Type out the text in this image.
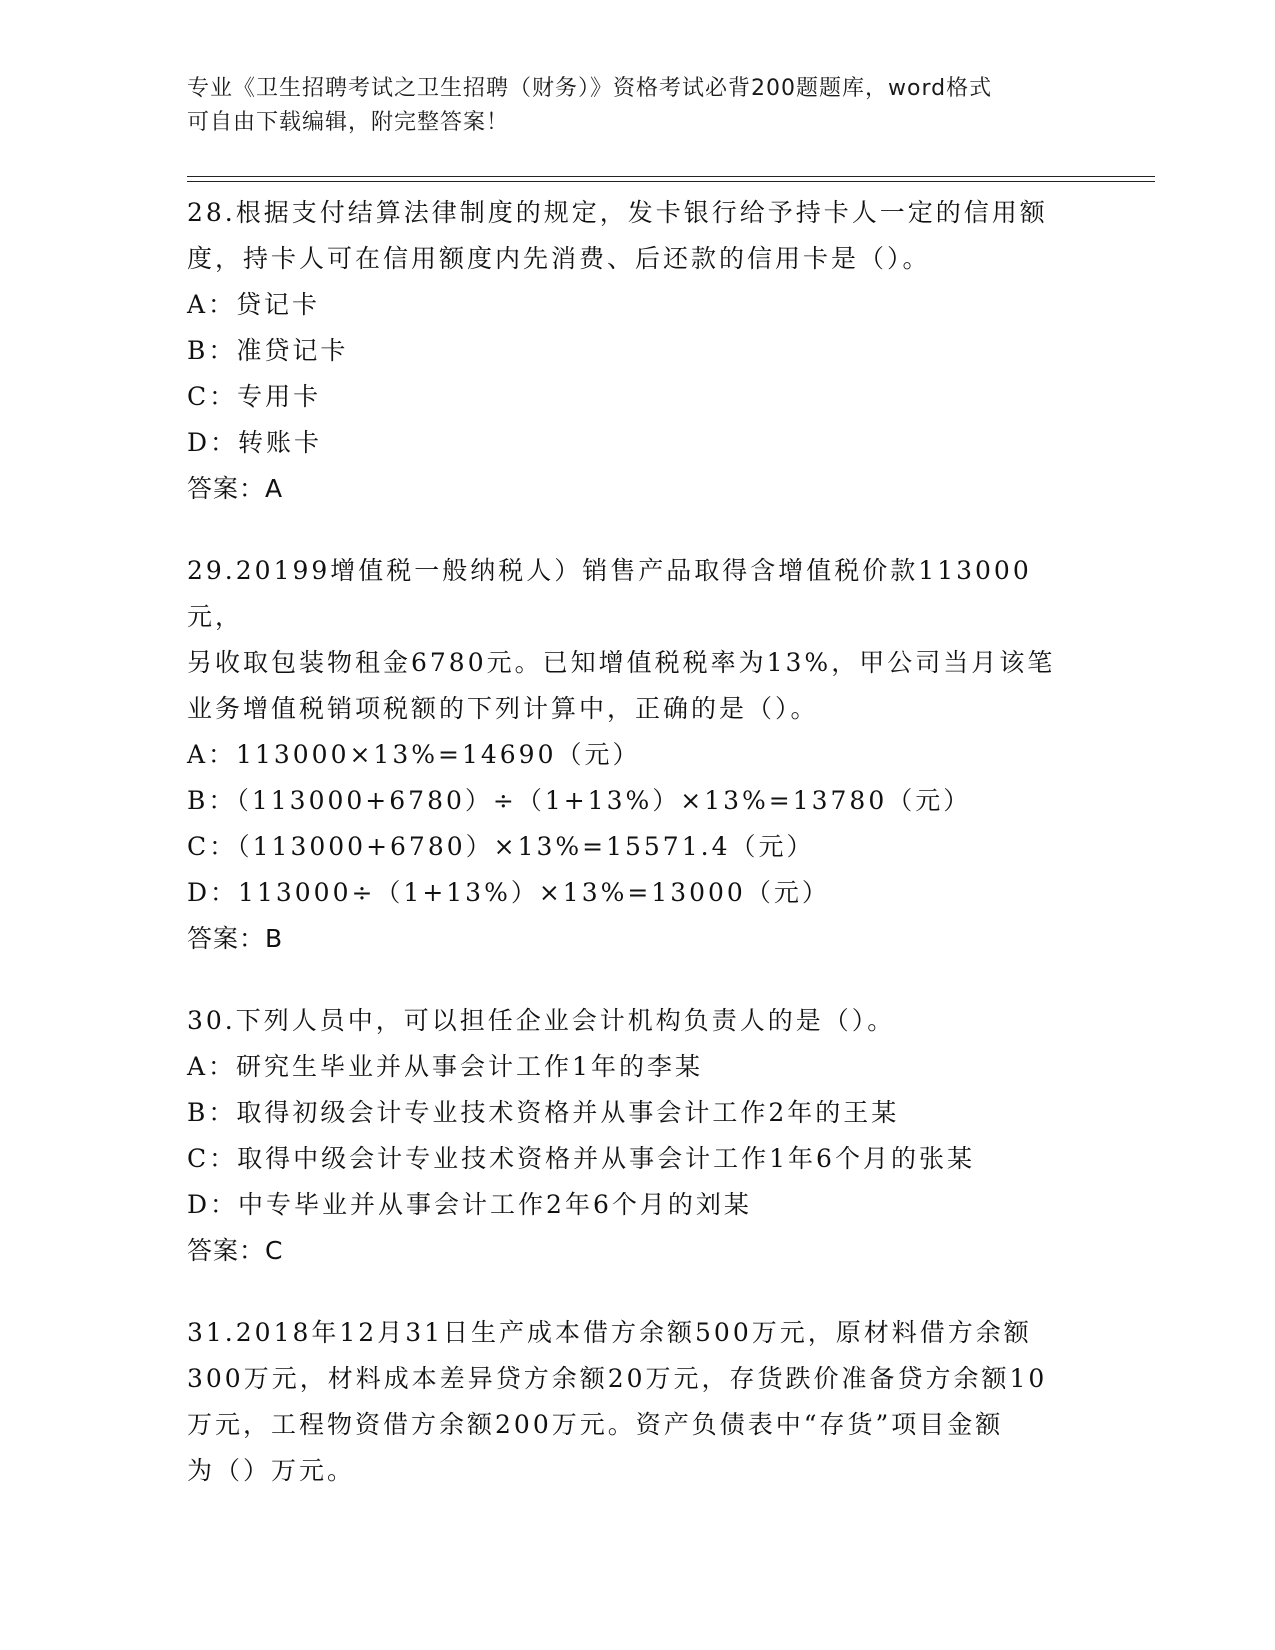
专业《卫生招聘考试之卫生招聘（财务）》资格考试必背200题题库，word格式

可自由下载编辑，附完整答案！

28.根据支付结算法律制度的规定，发卡银行给予持卡人一定的信用额

度，持卡人可在信用额度内先消费、后还款的信用卡是（）。

A：贷记卡

B：准贷记卡

C：专用卡

D：转账卡

答案：A

29.20199增值税一般纳税人）销售产品取得含增值税价款113000元，

另收取包装物租金6780元。已知增值税税率为13%，甲公司当月该笔

业务增值税销项税额的下列计算中，正确的是（）。

A：113000×13%=14690（元）

B：（113000+6780）÷（1+13%）×13%=13780（元）

C：（113000+6780）×13%=15571.4（元）

D：113000÷（1+13%）×13%=13000（元）

答案：B

30.下列人员中，可以担任企业会计机构负责人的是（）。

A：研究生毕业并从事会计工作1年的李某

B：取得初级会计专业技术资格并从事会计工作2年的王某

C：取得中级会计专业技术资格并从事会计工作1年6个月的张某

D：中专毕业并从事会计工作2年6个月的刘某

答案：C

31.2018年12月31日生产成本借方余额500万元，原材料借方余额

300万元，材料成本差异贷方余额20万元，存货跌价准备贷方余额10

万元，工程物资借方余额200万元。资产负债表中“存货”项目金额

为（）万元。
